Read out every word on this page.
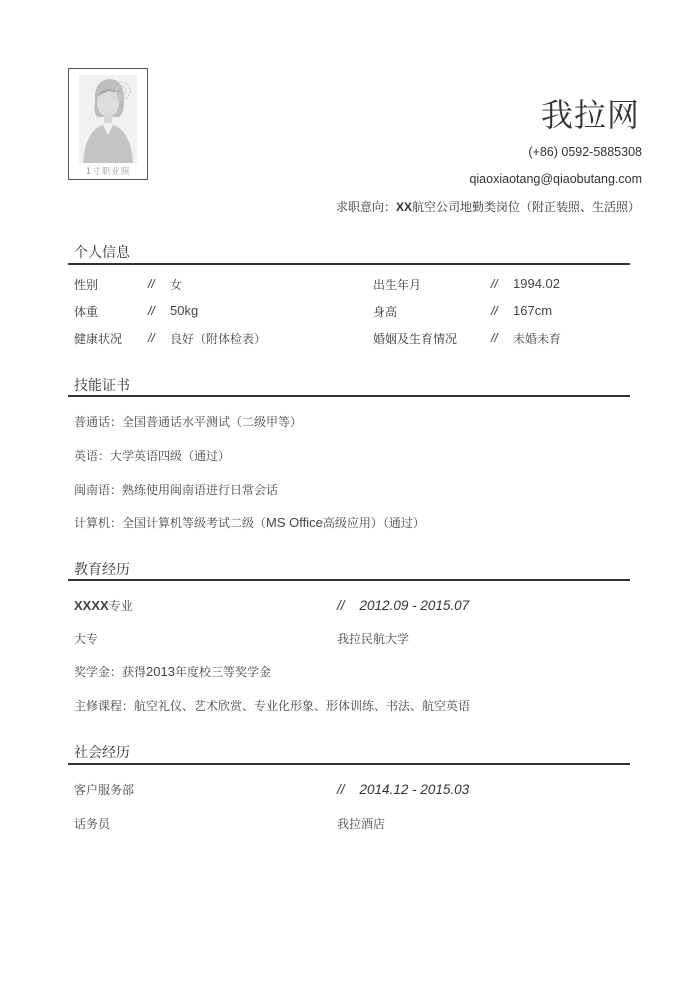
1寸职业照
我拉网
(+86) 0592-5885308
qiaoxiaotang@qiaobutang.com
求职意向：XX航空公司地勤类岗位（附正装照、生活照）
个人信息
性别	// 女	出生年月	// 1994.02
体重	// 50kg	身高	// 167cm
健康状况 // 良好（附体检表）	婚姻及生育情况	// 未婚未育
技能证书
普通话：全国普通话水平测试（二级甲等）
英语：大学英语四级（通过）
闽南语：熟练使用闽南语进行日常会话
计算机：全国计算机等级考试二级（MS Office高级应用）（通过）
教育经历
XXXX专业	// 2012.09 - 2015.07
大专	我拉民航大学
奖学金：获得2013年度校三等奖学金
主修课程：航空礼仪、艺术欣赏、专业化形象、形体训练、书法、航空英语
社会经历
客户服务部	// 2014.12 - 2015.03
话务员	我拉酒店
